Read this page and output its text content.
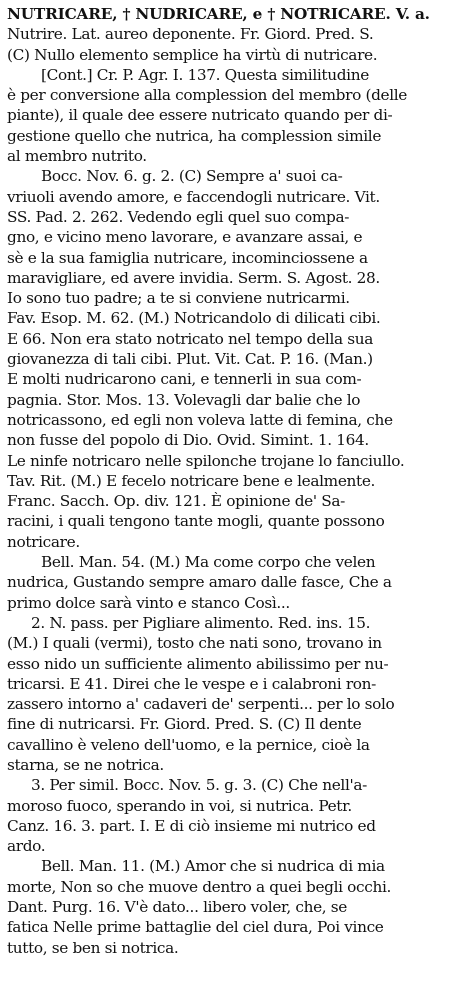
NUTRICARE, † NUDRICARE, e † NOTRICARE. V. a.
Nutrire. Lat. aureo deponente. Fr. Giord. Pred. S.
(C) Nullo elemento semplice ha virtù di nutricare.
[Cont.] Cr. P. Agr. I. 137. Questa similitudine
è per conversione alla complession del membro (delle
piante), il quale dee essere nutricato quando per di-
gestione quello che nutrica, ha complession simile
al membro nutrito.
Bocc. Nov. 6. g. 2. (C) Sempre a' suoi ca-
vriuoli avendo amore, e faccendogli nutricare. Vit.
SS. Pad. 2. 262. Vedendo egli quel suo compa-
gno, e vicino meno lavorare, e avanzare assai, e
sè e la sua famiglia nutricare, incominciossene a
maravigliare, ed avere invidia. Serm. S. Agost. 28.
Io sono tuo padre; a te si conviene nutricarmi.
Fav. Esop. M. 62. (M.) Notricandolo di dilicati cibi.
E 66. Non era stato notricato nel tempo della sua
giovanezza di tali cibi. Plut. Vit. Cat. P. 16. (Man.)
E molti nudricarono cani, e tennerli in sua com-
pagnia. Stor. Mos. 13. Volevagli dar balie che lo
notricassono, ed egli non voleva latte di femina, che
non fusse del popolo di Dio. Ovid. Simint. 1. 164.
Le ninfe notricaro nelle spilonche trojane lo fanciullo.
Tav. Rit. (M.) E fecelo notricare bene e lealmente.
Franc. Sacch. Op. div. 121. È opinione de' Sa-
racini, i quali tengono tante mogli, quante possono
notricare.
Bell. Man. 54. (M.) Ma come corpo che velen
nudrica, Gustando sempre amaro dalle fasce, Che a
primo dolce sarà vinto e stanco Così...
2. N. pass. per Pigliare alimento. Red. ins. 15.
(M.) I quali (vermi), tosto che nati sono, trovano in
esso nido un sufficiente alimento abilissimo per nu-
tricarsi. E 41. Direi che le vespe e i calabroni ron-
zassero intorno a' cadaveri de' serpenti... per lo solo
fine di nutricarsi. Fr. Giord. Pred. S. (C) Il dente
cavallino è veleno dell'uomo, e la pernice, cioè la
starna, se ne notrica.
3. Per simil. Bocc. Nov. 5. g. 3. (C) Che nell'a-
moroso fuoco, sperando in voi, si nutrica. Petr.
Canz. 16. 3. part. I. E di ciò insieme mi nutrico ed
ardo.
Bell. Man. 11. (M.) Amor che si nudrica di mia
morte, Non so che muove dentro a quei begli occhi.
Dant. Purg. 16. V'è dato... libero voler, che, se
fatica Nelle prime battaglie del ciel dura, Poi vince
tutto, se ben si notrica.
